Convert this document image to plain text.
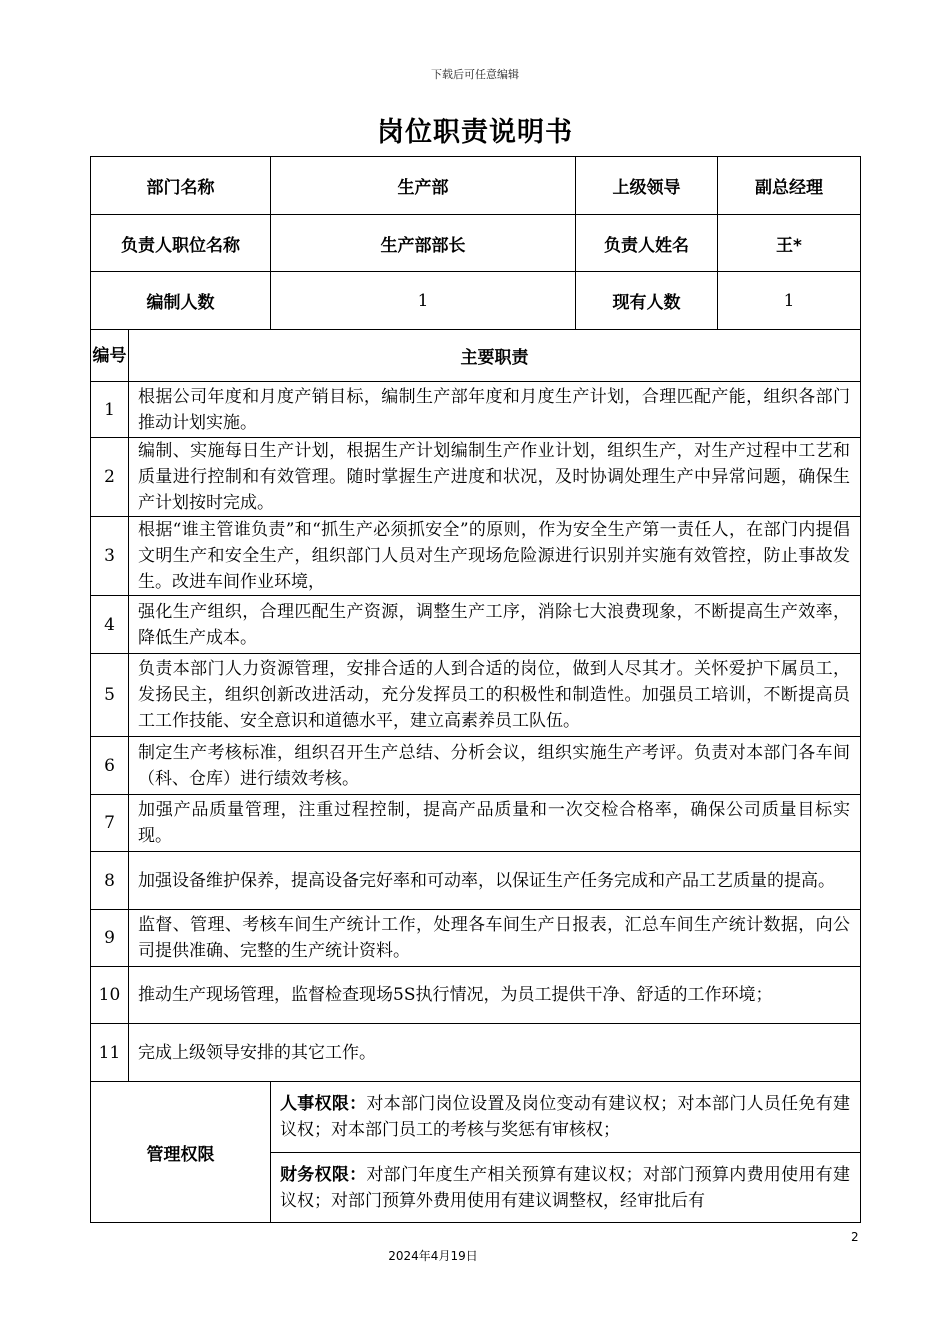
下载后可任意编辑
岗位职责说明书
部门名称		生产部	上级领导	副总经理
负责人职位名称		生产部部长	负责人姓名	王*
编制人数		1	现有人数	1
编号	主要职责			
1	根据公司年度和月度产销目标，编制生产部年度和月度生产计划，合理匹配产能，组织各部门推动计划实施。			
2	编制、实施每日生产计划，根据生产计划编制生产作业计划，组织生产，对生产过程中工艺和质量进行控制和有效管理。随时掌握生产进度和状况，及时协调处理生产中异常问题，确保生产计划按时完成。			
3	根据“谁主管谁负责”和“抓生产必须抓安全”的原则，作为安全生产第一责任人，在部门内提倡文明生产和安全生产，组织部门人员对生产现场危险源进行识别并实施有效管控，防止事故发生。改进车间作业环境，			
4	强化生产组织，合理匹配生产资源，调整生产工序，消除七大浪费现象，不断提高生产效率，降低生产成本。			
5	负责本部门人力资源管理，安排合适的人到合适的岗位，做到人尽其才。关怀爱护下属员工，发扬民主，组织创新改进活动，充分发挥员工的积极性和制造性。加强员工培训，不断提高员工工作技能、安全意识和道德水平，建立高素养员工队伍。			
6	制定生产考核标准，组织召开生产总结、分析会议，组织实施生产考评。负责对本部门各车间（科、仓库）进行绩效考核。			
7	加强产品质量管理，注重过程控制，提高产品质量和一次交检合格率，确保公司质量目标实现。			
8	加强设备维护保养，提高设备完好率和可动率，以保证生产任务完成和产品工艺质量的提高。			
9	监督、管理、考核车间生产统计工作，处理各车间生产日报表，汇总车间生产统计数据，向公司提供准确、完整的生产统计资料。			
10	推动生产现场管理，监督检查现场5S执行情况，为员工提供干净、舒适的工作环境；			
11	完成上级领导安排的其它工作。			
管理权限		人事权限：对本部门岗位设置及岗位变动有建议权；对本部门人员任免有建议权；对本部门员工的考核与奖惩有审核权；		
		财务权限：对部门年度生产相关预算有建议权；对部门预算内费用使用有建议权；对部门预算外费用使用有建议调整权，经审批后有		
2
2024年4月19日
